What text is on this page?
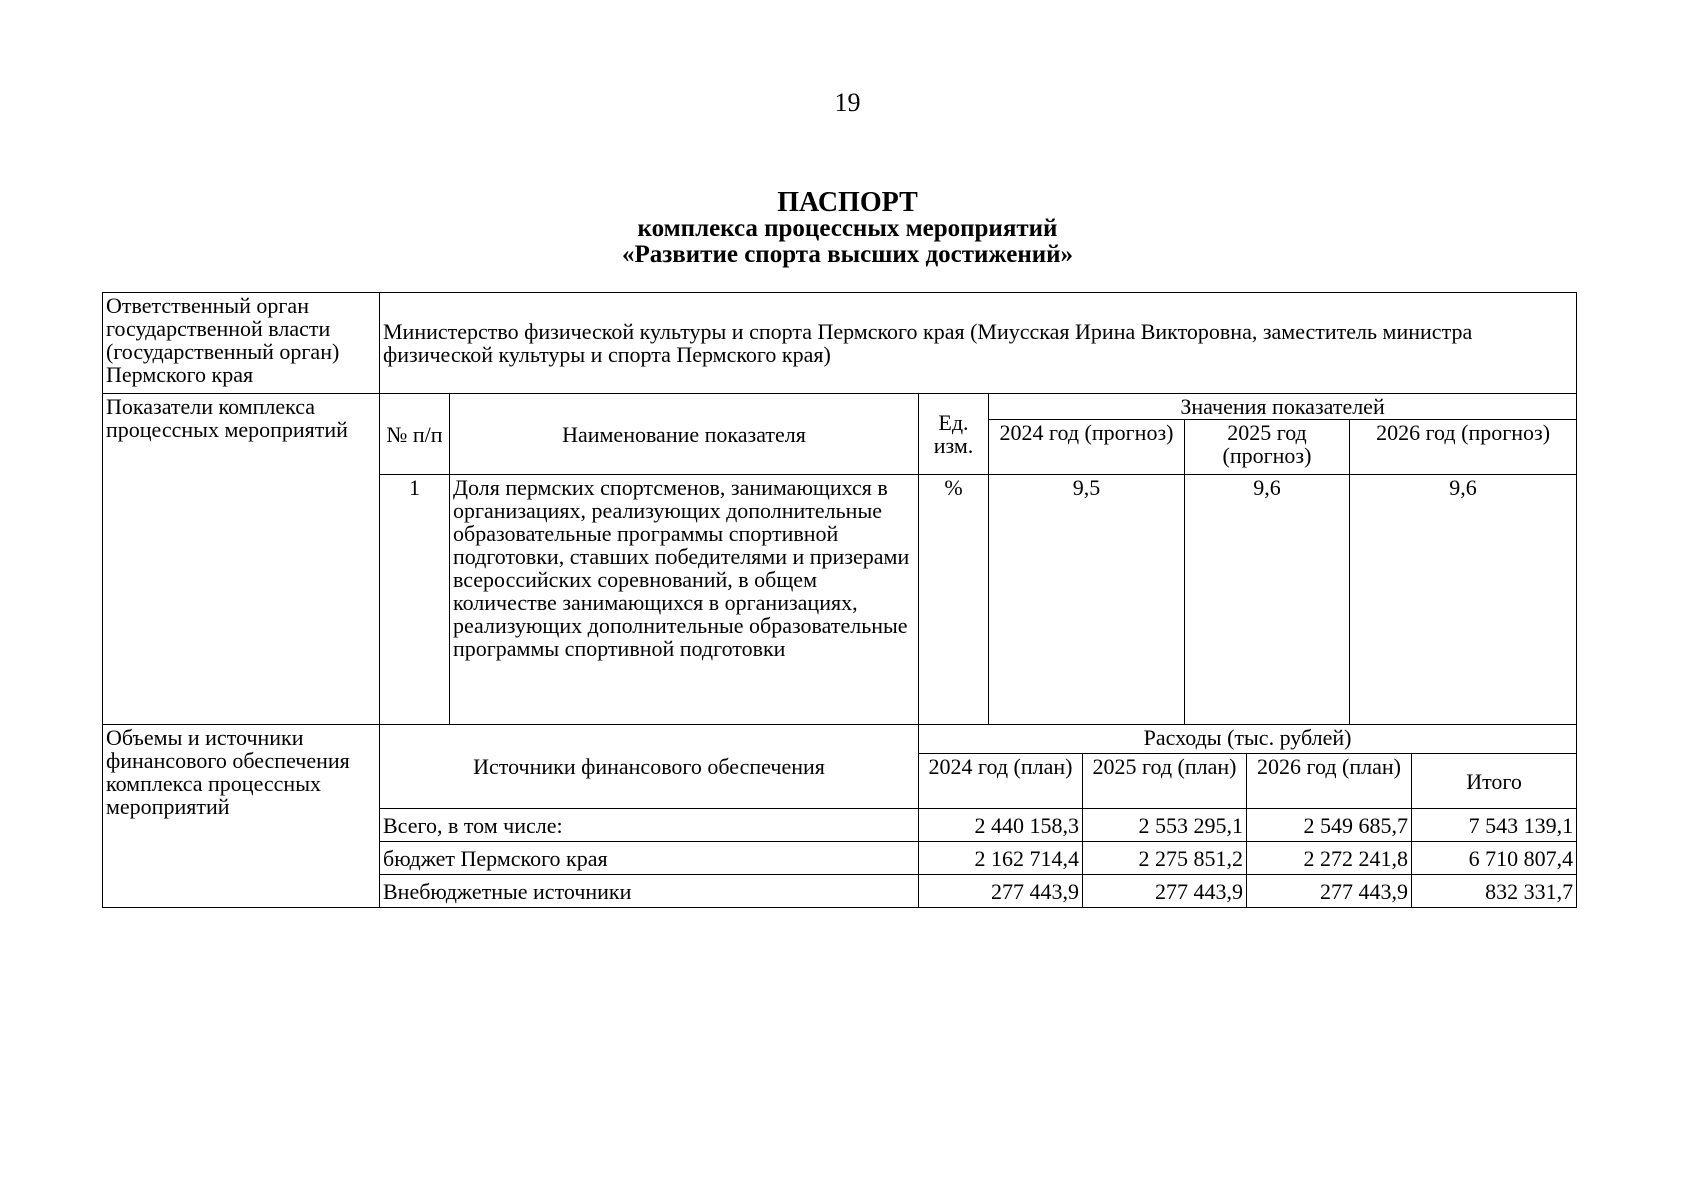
19
ПАСПОРТ
комплекса процессных мероприятий
«Развитие спорта высших достижений»
Ответственный орган государственной власти (государственный орган) Пермского края	Министерство физической культуры и спорта Пермского края (Миусская Ирина Викторовна, заместитель министра физической культуры и спорта Пермского края)								
Показатели комплекса процессных мероприятий	№ п/п	Наименование показателя	Ед. изм.	Значения показателей					
				2024 год (прогноз)		2025 год (прогноз)		2026 год (прогноз)	
	1	Доля пермских спортсменов, занимающихся в организациях, реализующих дополнительные образовательные программы спортивной подготовки, ставших победителями и призерами всероссийских соревнований, в общем количестве занимающихся в организациях, реализующих дополнительные образовательные программы спортивной подготовки	%	9,5		9,6		9,6	
Объемы и источники финансового обеспечения комплекса процессных мероприятий	Источники финансового обеспечения		Расходы (тыс. рублей)						
			2024 год (план)		2025 год (план)		2026 год (план)		Итого
	Всего, в том числе:		2 440 158,3		2 553 295,1		2 549 685,7		7 543 139,1
	бюджет Пермского края		2 162 714,4		2 275 851,2		2 272 241,8		6 710 807,4
	Внебюджетные источники		277 443,9		277 443,9		277 443,9		832 331,7
